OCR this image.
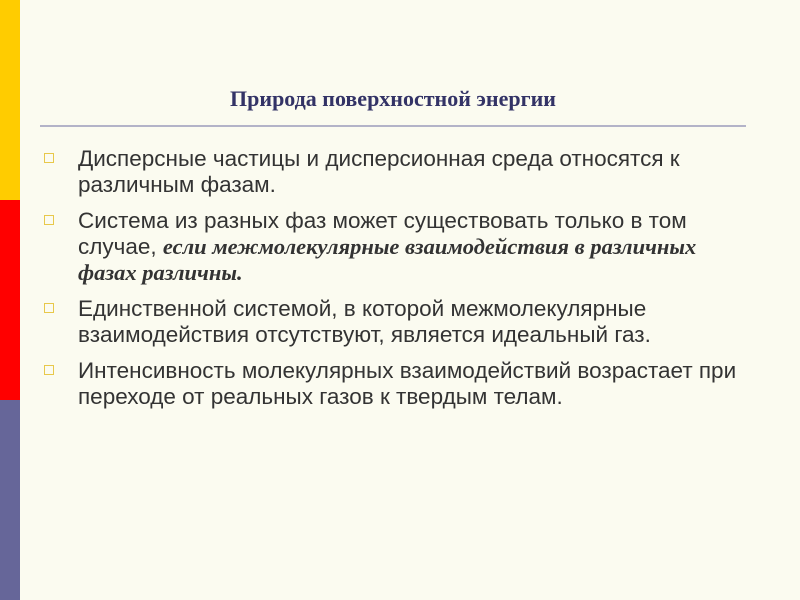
Природа поверхностной энергии
Дисперсные частицы и дисперсионная среда относятся к различным фазам.
Система из разных фаз может существовать только в том случае, если межмолекулярные взаимодействия в различных фазах различны.
Единственной системой, в которой межмолекулярные взаимодействия отсутствуют, является идеальный газ.
Интенсивность молекулярных взаимодействий возрастает при переходе от реальных газов к твердым телам.
